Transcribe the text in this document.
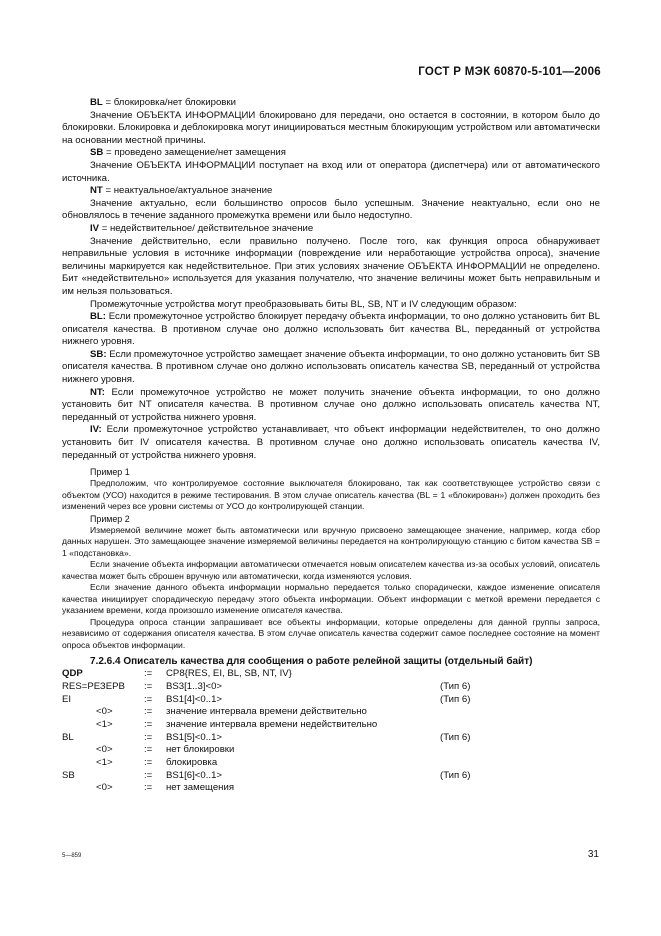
ГОСТ Р МЭК 60870-5-101—2006

BL = блокировка/нет блокировки

Значение ОБЪЕКТА ИНФОРМАЦИИ блокировано для передачи, оно остается в состоянии, в котором было до блокировки. Блокировка и деблокировка могут инициироваться местным блокирующим устройством или автоматически на основании местной причины.

SB = проведено замещение/нет замещения

Значение ОБЪЕКТА ИНФОРМАЦИИ поступает на вход или от оператора (диспетчера) или от автоматического источника.

NT = неактуальное/актуальное значение

Значение актуально, если большинство опросов было успешным. Значение неактуально, если оно не обновлялось в течение заданного промежутка времени или было недоступно.

IV = недействительное/ действительное значение

Значение действительно, если правильно получено. После того, как функция опроса обнаруживает неправильные условия в источнике информации (повреждение или неработающие устройства опроса), значение величины маркируется как недействительное. При этих условиях значение ОБЪЕКТА ИНФОРМАЦИИ не определено. Бит «недействительно» используется для указания получателю, что значение величины может быть неправильным и им нельзя пользоваться.

Промежуточные устройства могут преобразовывать биты BL, SB, NT и IV следующим образом:

BL: Если промежуточное устройство блокирует передачу объекта информации, то оно должно установить бит BL описателя качества. В противном случае оно должно использовать бит качества BL, переданный от устройства нижнего уровня.

SB: Если промежуточное устройство замещает значение объекта информации, то оно должно установить бит SB описателя качества. В противном случае оно должно использовать описатель качества SB, переданный от устройства нижнего уровня.

NT: Если промежуточное устройство не может получить значение объекта информации, то оно должно установить бит NT описателя качества. В противном случае оно должно использовать описатель качества NT, переданный от устройства нижнего уровня.

IV: Если промежуточное устройство устанавливает, что объект информации недействителен, то оно должно установить бит IV описателя качества. В противном случае оно должно использовать описатель качества IV, переданный от устройства нижнего уровня.

Пример 1

Предположим, что контролируемое состояние выключателя блокировано, так как соответствующее устройство связи с объектом (УСО) находится в режиме тестирования. В этом случае описатель качества (BL = 1 «блокирован») должен проходить без изменений через все уровни системы от УСО до контролирующей станции.

Пример 2

Измеряемой величине может быть автоматически или вручную присвоено замещающее значение, например, когда сбор данных нарушен. Это замещающее значение измеряемой величины передается на контролирующую станцию с битом качества SB = 1 «подстановка».

Если значение объекта информации автоматически отмечается новым описателем качества из-за особых условий, описатель качества может быть сброшен вручную или автоматически, когда изменяются условия.

Если значение данного объекта информации нормально передается только спорадически, каждое изменение описателя качества инициирует спорадическую передачу этого объекта информации. Объект информации с меткой времени передается с указанием времени, когда произошло изменение описателя качества.

Процедура опроса станции запрашивает все объекты информации, которые определены для данной группы запроса, независимо от содержания описателя качества. В этом случае описатель качества содержит самое последнее состояние на момент опроса объектов информации.

7.2.6.4 Описатель качества для сообщения о работе релейной защиты (отдельный байт)

QDP	:= CP8{RES, EI, BL, SB, NT, IV}
RES=РЕЗЕРВ := BS3[1..3]<0>	(Тип 6)
EI	:= BS1[4]<0..1>	(Тип 6)
<0>	:= значение интервала времени действительно
<1>	:= значение интервала времени недействительно
BL	:= BS1[5]<0..1>	(Тип 6)
<0>	:= нет блокировки
<1>	:= блокировка
SB	:= BS1[6]<0..1>	(Тип 6)
<0>	:= нет замещения
5—859	31
